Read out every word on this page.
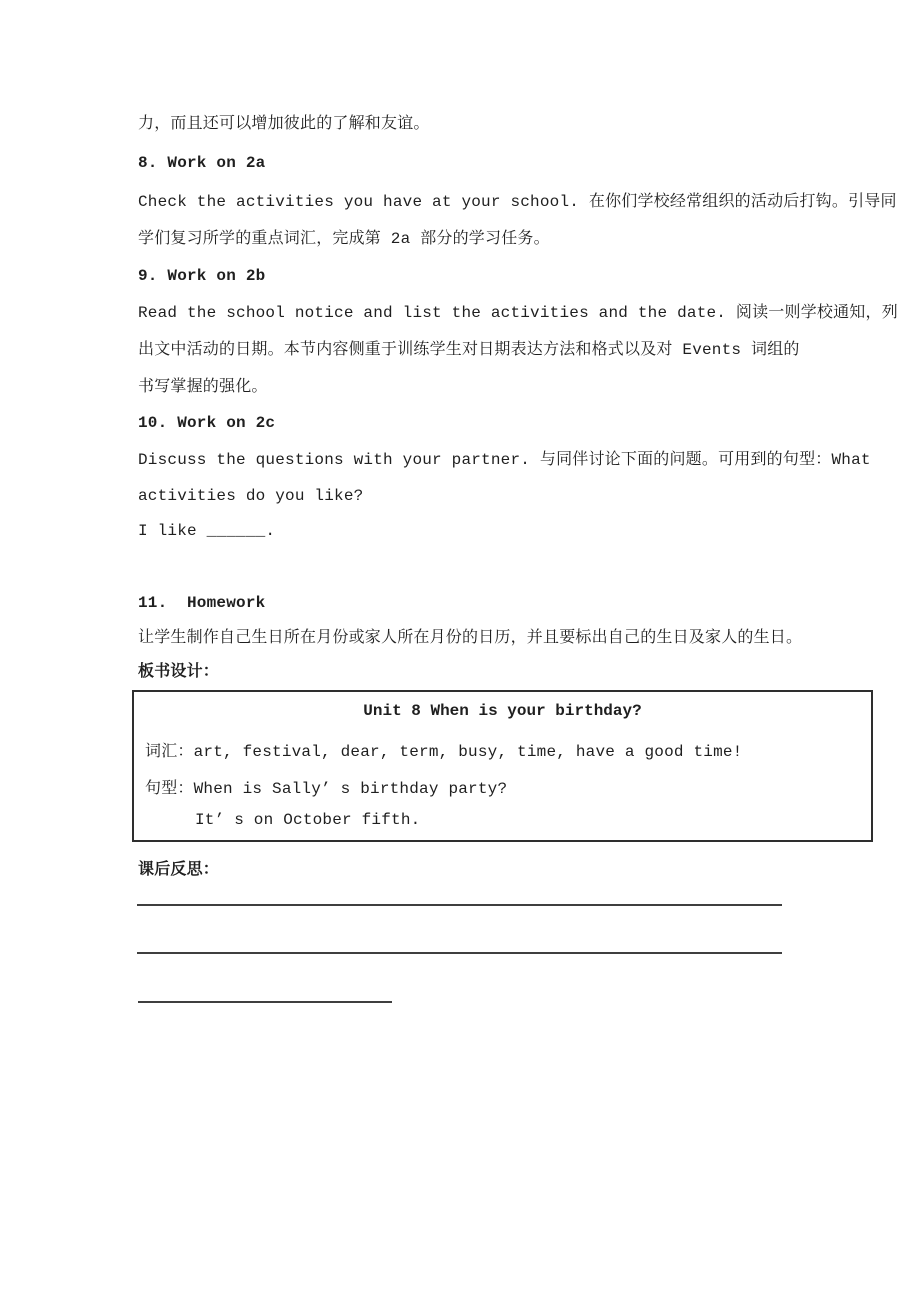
力，而且还可以增加彼此的了解和友谊。
8. Work on 2a
Check the activities you have at your school. 在你们学校经常组织的活动后打钩。引导同
学们复习所学的重点词汇，完成第 2a 部分的学习任务。
9. Work on 2b
Read the school notice and list the activities and the date. 阅读一则学校通知，列
出文中活动的日期。本节内容侧重于训练学生对日期表达方法和格式以及对 Events 词组的
书写掌握的强化。
10. Work on 2c
Discuss the questions with your partner. 与同伴讨论下面的问题。可用到的句型：What
activities do you like?
I like ______.
11.  Homework
让学生制作自己生日所在月份或家人所在月份的日历，并且要标出自己的生日及家人的生日。
板书设计：
Unit 8 When is your birthday?
词汇：art, festival, dear, term, busy, time, have a good time!
句型：When is Sally’ s birthday party?
It’ s on October fifth.
课后反思：
